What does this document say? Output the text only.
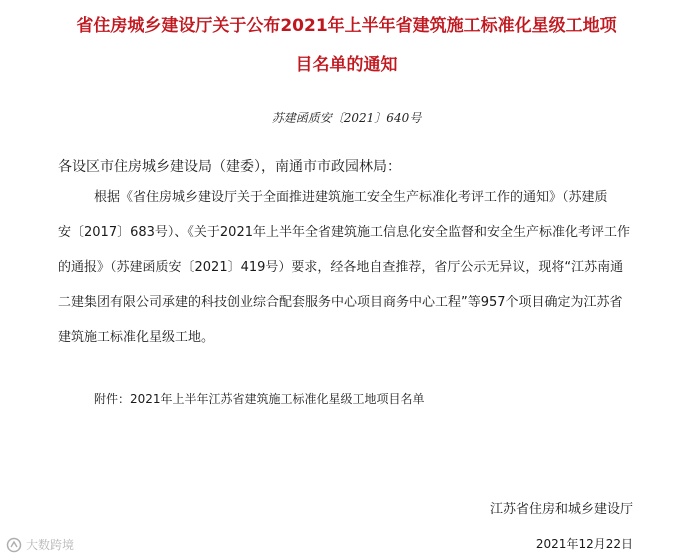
省住房城乡建设厅关于公布2021年上半年省建筑施工标准化星级工地项
目名单的通知
苏建函质安〔2021〕640号
各设区市住房城乡建设局（建委），南通市市政园林局：
根据《省住房城乡建设厅关于全面推进建筑施工安全生产标准化考评工作的通知》（苏建质
安〔2017〕683号）、《关于2021年上半年全省建筑施工信息化安全监督和安全生产标准化考评工作
的通报》（苏建函质安〔2021〕419号）要求，经各地自查推荐，省厅公示无异议，现将“江苏南通
二建集团有限公司承建的科技创业综合配套服务中心项目商务中心工程”等957个项目确定为江苏省
建筑施工标准化星级工地。
附件：2021年上半年江苏省建筑施工标准化星级工地项目名单
江苏省住房和城乡建设厅
2021年12月22日
大数跨境
